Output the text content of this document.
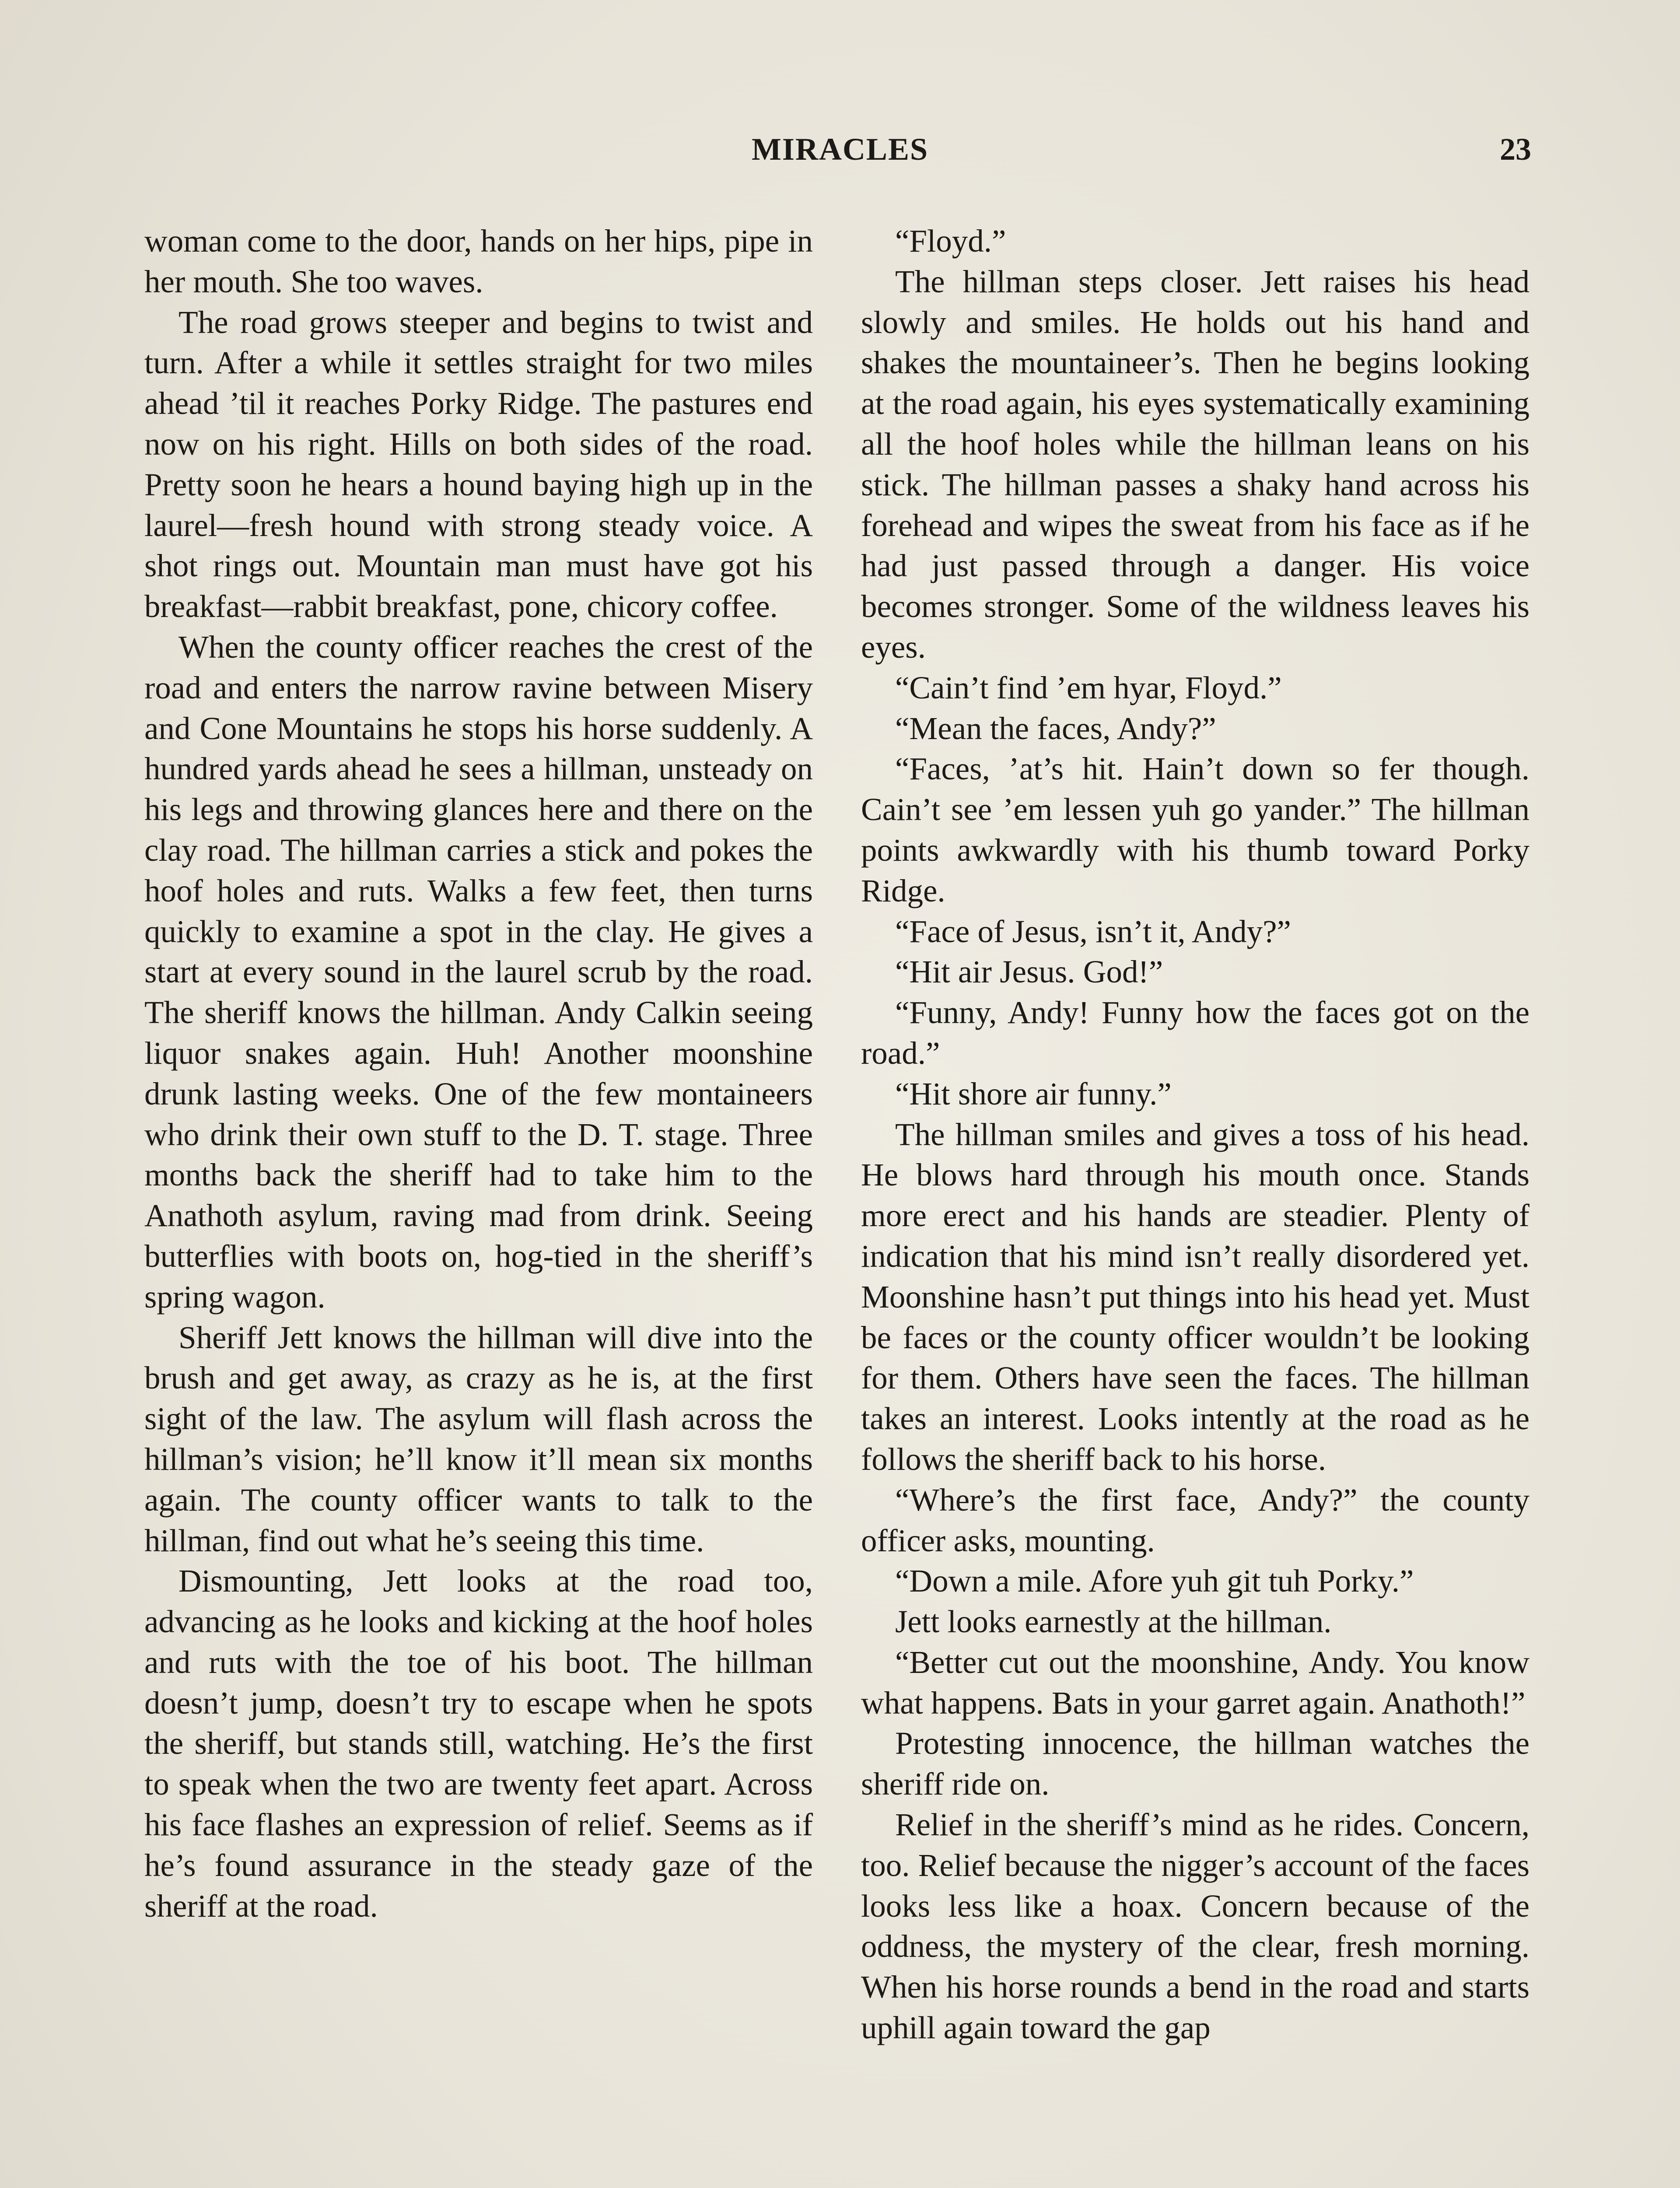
MIRACLES	23

woman come to the door, hands on her hips, pipe in her mouth. She too waves.

The road grows steeper and begins to twist and turn. After a while it settles straight for two miles ahead ’til it reaches Porky Ridge. The pastures end now on his right. Hills on both sides of the road. Pretty soon he hears a hound baying high up in the laurel—fresh hound with strong steady voice. A shot rings out. Mountain man must have got his breakfast—rabbit breakfast, pone, chicory coffee.

When the county officer reaches the crest of the road and enters the narrow ravine between Misery and Cone Mountains he stops his horse suddenly. A hundred yards ahead he sees a hillman, unsteady on his legs and throwing glances here and there on the clay road. The hillman carries a stick and pokes the hoof holes and ruts. Walks a few feet, then turns quickly to examine a spot in the clay. He gives a start at every sound in the laurel scrub by the road. The sheriff knows the hillman. Andy Calkin seeing liquor snakes again. Huh! Another moonshine drunk lasting weeks. One of the few montaineers who drink their own stuff to the D. T. stage. Three months back the sheriff had to take him to the Anathoth asylum, raving mad from drink. Seeing butterflies with boots on, hog-tied in the sheriff’s spring wagon.

Sheriff Jett knows the hillman will dive into the brush and get away, as crazy as he is, at the first sight of the law. The asylum will flash across the hillman’s vision; he’ll know it’ll mean six months again. The county officer wants to talk to the hillman, find out what he’s seeing this time.

Dismounting, Jett looks at the road too, advancing as he looks and kicking at the hoof holes and ruts with the toe of his boot. The hillman doesn’t jump, doesn’t try to escape when he spots the sheriff, but stands still, watching. He’s the first to speak when the two are twenty feet apart. Across his face flashes an expression of relief. Seems as if he’s found assurance in the steady gaze of the sheriff at the road.

“Floyd.”

The hillman steps closer. Jett raises his head slowly and smiles. He holds out his hand and shakes the mountaineer’s. Then he begins looking at the road again, his eyes systematically examining all the hoof holes while the hillman leans on his stick. The hillman passes a shaky hand across his forehead and wipes the sweat from his face as if he had just passed through a danger. His voice becomes stronger. Some of the wildness leaves his eyes.

“Cain’t find ’em hyar, Floyd.”

“Mean the faces, Andy?”

“Faces, ’at’s hit. Hain’t down so fer though. Cain’t see ’em lessen yuh go yander.” The hillman points awkwardly with his thumb toward Porky Ridge.

“Face of Jesus, isn’t it, Andy?”

“Hit air Jesus. God!”

“Funny, Andy! Funny how the faces got on the road.”

“Hit shore air funny.”

The hillman smiles and gives a toss of his head. He blows hard through his mouth once. Stands more erect and his hands are steadier. Plenty of indication that his mind isn’t really disordered yet. Moonshine hasn’t put things into his head yet. Must be faces or the county officer wouldn’t be looking for them. Others have seen the faces. The hillman takes an interest. Looks intently at the road as he follows the sheriff back to his horse.

“Where’s the first face, Andy?” the county officer asks, mounting.

“Down a mile. Afore yuh git tuh Porky.”

Jett looks earnestly at the hillman.

“Better cut out the moonshine, Andy. You know what happens. Bats in your garret again. Anathoth!”

Protesting innocence, the hillman watches the sheriff ride on.

Relief in the sheriff’s mind as he rides. Concern, too. Relief because the nigger’s account of the faces looks less like a hoax. Concern because of the oddness, the mystery of the clear, fresh morning. When his horse rounds a bend in the road and starts uphill again toward the gap
